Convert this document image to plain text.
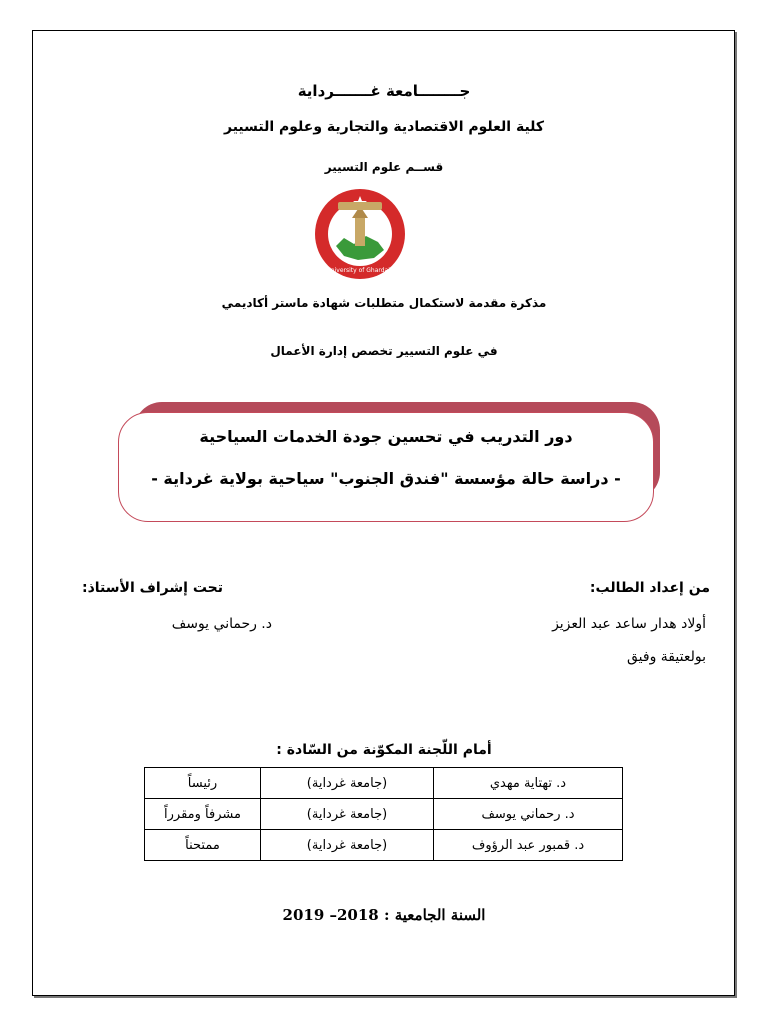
جــــــــامعة غـــــــرداية
كلية العلوم الاقتصادية والتجارية وعلوم التسيير
قســم علوم التسيير
University of Ghardaia
مذكرة مقدمة لاستكمال متطلبات شهادة ماستر أكاديمي
في علوم التسيير تخصص إدارة الأعمال
دور التدريب في تحسين جودة الخدمات السياحية
- دراسة حالة مؤسسة "فندق الجنوب" سياحية بولاية غرداية -
من إعداد الطالب:
تحت إشراف الأستاذ:
أولاد هدار ساعد عبد العزيز
د. رحماني يوسف
بولعتيقة وفيق
أمام اللّجنة المكوّنة من السّادة :
د. تهتاية مهدي	(جامعة غرداية)	رئيساً
د. رحماني يوسف	(جامعة غرداية)	مشرفاً ومقرراً
د. قمبور عبد الرؤوف	(جامعة غرداية)	ممتحناً
السنة الجامعية : 2018– 2019
